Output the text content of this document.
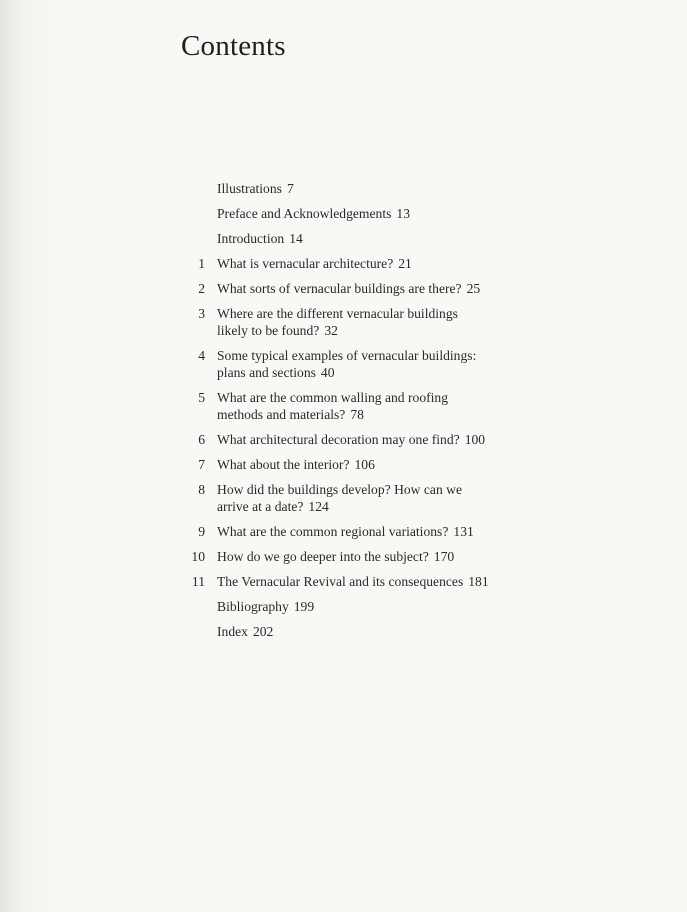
Contents
Illustrations 7
Preface and Acknowledgements 13
Introduction 14
1 What is vernacular architecture? 21
2 What sorts of vernacular buildings are there? 25
3 Where are the different vernacular buildings
likely to be found? 32
4 Some typical examples of vernacular buildings:
plans and sections 40
5 What are the common walling and roofing
methods and materials? 78
6 What architectural decoration may one find? 100
7 What about the interior? 106
8 How did the buildings develop? How can we
arrive at a date? 124
9 What are the common regional variations? 131
10 How do we go deeper into the subject? 170
11 The Vernacular Revival and its consequences 181
Bibliography 199
Index 202
